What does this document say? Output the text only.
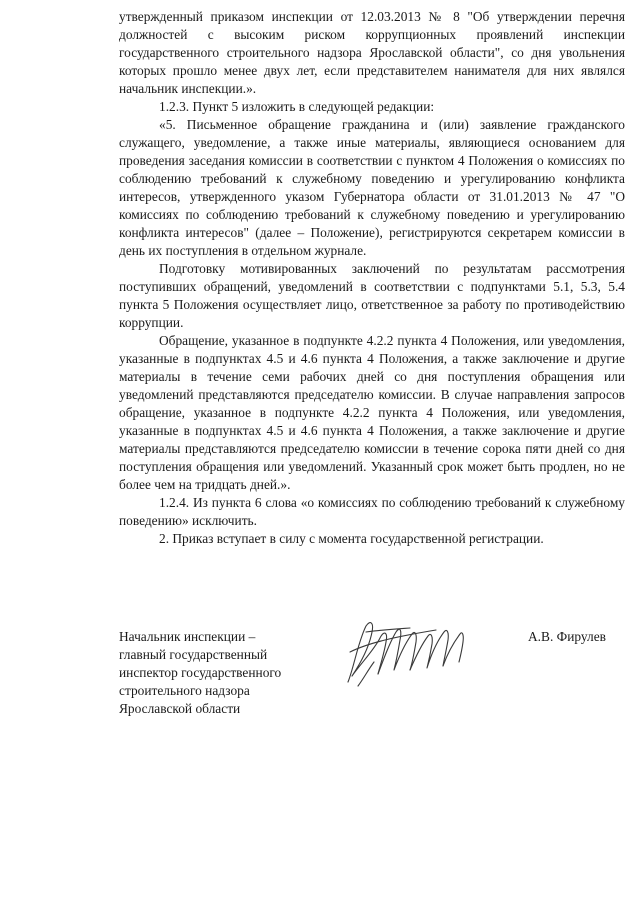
утвержденный приказом инспекции от 12.03.2013 № 8 "Об утверждении перечня должностей с высоким риском коррупционных проявлений инспекции государственного строительного надзора Ярославской области", со дня увольнения которых прошло менее двух лет, если представителем нанимателя для них являлся начальник инспекции.».

1.2.3. Пункт 5 изложить в следующей редакции:

«5. Письменное обращение гражданина и (или) заявление гражданского служащего, уведомление, а также иные материалы, являющиеся основанием для проведения заседания комиссии в соответствии с пунктом 4 Положения о комиссиях по соблюдению требований к служебному поведению и урегулированию конфликта интересов, утвержденного указом Губернатора области от 31.01.2013 № 47 "О комиссиях по соблюдению требований к служебному поведению и урегулированию конфликта интересов" (далее – Положение), регистрируются секретарем комиссии в день их поступления в отдельном журнале.

Подготовку мотивированных заключений по результатам рассмотрения поступивших обращений, уведомлений в соответствии с подпунктами 5.1, 5.3, 5.4 пункта 5 Положения осуществляет лицо, ответственное за работу по противодействию коррупции.

Обращение, указанное в подпункте 4.2.2 пункта 4 Положения, или уведомления, указанные в подпунктах 4.5 и 4.6 пункта 4 Положения, а также заключение и другие материалы в течение семи рабочих дней со дня поступления обращения или уведомлений представляются председателю комиссии. В случае направления запросов обращение, указанное в подпункте 4.2.2 пункта 4 Положения, или уведомления, указанные в подпунктах 4.5 и 4.6 пункта 4 Положения, а также заключение и другие материалы представляются председателю комиссии в течение сорока пяти дней со дня поступления обращения или уведомлений. Указанный срок может быть продлен, но не более чем на тридцать дней.».

1.2.4. Из пункта 6 слова «о комиссиях по соблюдению требований к служебному поведению» исключить.

2. Приказ вступает в силу с момента государственной регистрации.

Начальник инспекции –
главный государственный
инспектор государственного
строительного надзора
Ярославской области
А.В. Фирулев
